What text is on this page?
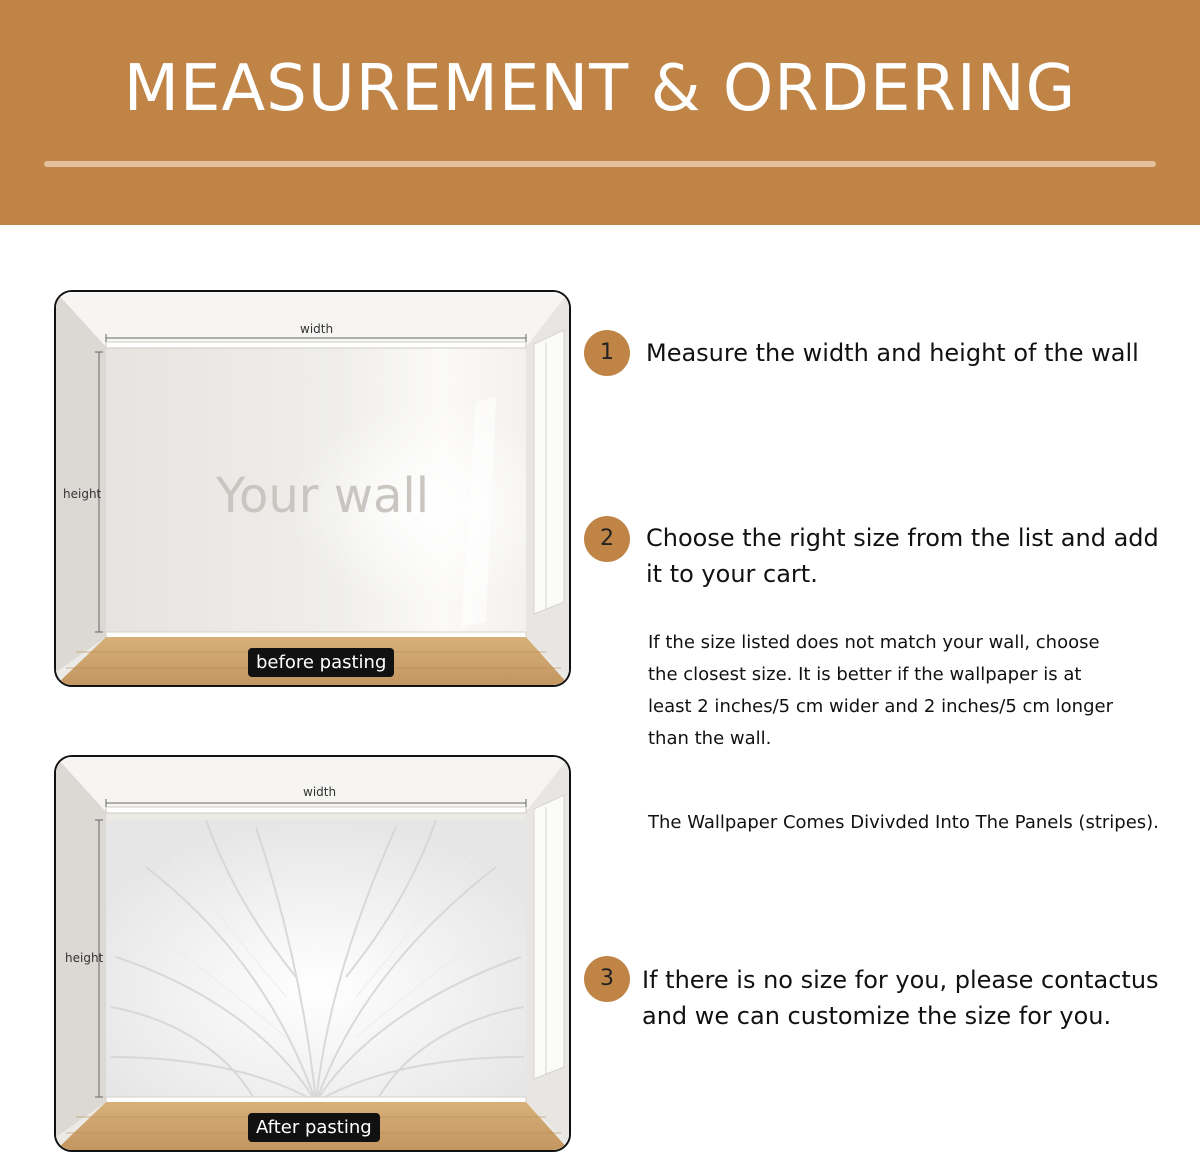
MEASUREMENT & ORDERING
width
height	Your wall
before pasting
width
height
After pasting
1	Measure the width and height of the wall
2	Choose the right size from the list and add it to your cart.
If the size listed does not match your wall, choose the closest size. It is better if the wallpaper is at least 2 inches/5 cm wider and 2 inches/5 cm longer than the wall.
The Wallpaper Comes Divivded Into The Panels (stripes).
3	If there is no size for you, please contactus and we can customize the size for you.
